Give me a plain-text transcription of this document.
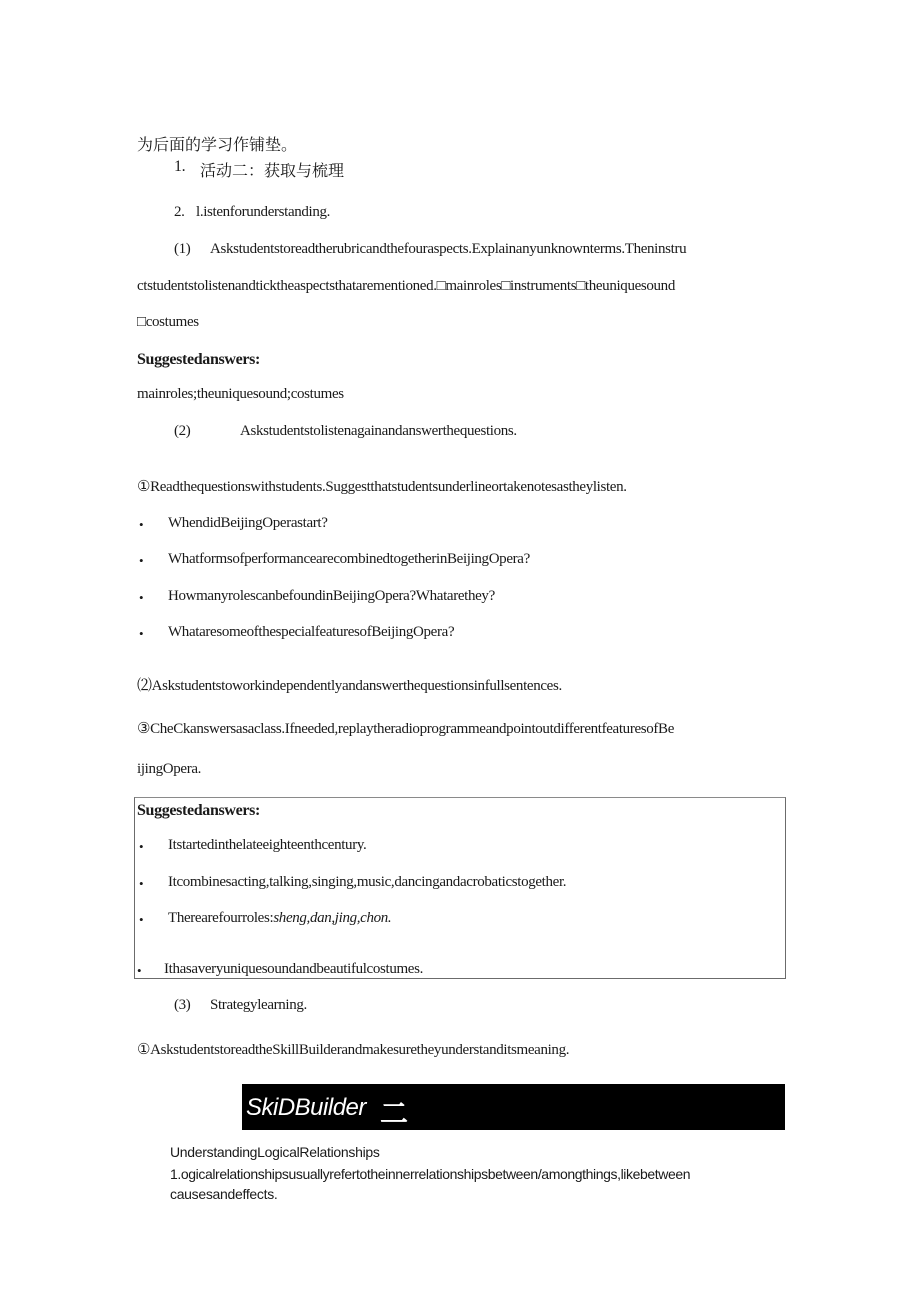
为后面的学习作铺垫。
1. 活动二：获取与梳理
2. l.istenforunderstanding.
(1) Askstudentstoreadtherubricandthefouraspects.Explainanyunknownterms.Theninstru
ctstudentstolistenandticktheaspectsthatarementioned.□mainroles□instruments□theuniquesound
□costumes
Suggestedanswers:
mainroles;theuniquesound;costumes
(2)	Askstudentstolistenagainandanswerthequestions.
①Readthequestionswithstudents.Suggestthatstudentsunderlineortakenotesastheylisten.
• WhendidBeijingOperastart?
• WhatformsofperformancearecombinedtogetherinBeijingOpera?
• HowmanyrolescanbefoundinBeijingOpera?Whatarethey?
• WhataresomeofthespecialfeaturesofBeijingOpera?
⑵Askstudentstoworkindependentlyandanswerthequestionsinfullsentences.
③CheCkanswersasaclass.Ifneeded,replaytheradioprogrammeandpointoutdifferentfeaturesofBe
ijingOpera.
Suggestedanswers:
• Itstartedinthelateeighteenthcentury.
• Itcombinesacting,talking,singing,music,dancingandacrobaticstogether.
• Therearefourroles:sheng,dan,jing,chon.
• Ithasaveryuniquesoundandbeautifulcostumes.
(3) Strategylearning.
①AskstudentstoreadtheSkillBuilderandmakesuretheyunderstanditsmeaning.
SkiDBuilder 二
UnderstandingLogicalRelationships
1.ogicalrelationshipsusuallyrefertotheinnerrelationshipsbetween/amongthings,likebetween
causesandeffects.
